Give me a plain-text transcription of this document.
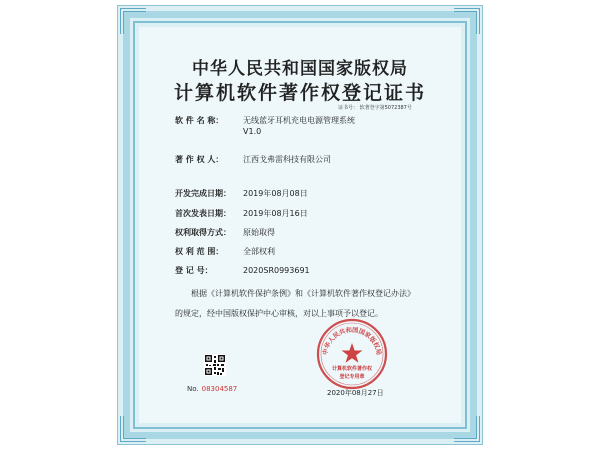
中华人民共和国国家版权局
计算机软件著作权登记证书
证书号： 软著登字第5072387号
软 件 名 称： 无线蓝牙耳机充电电源管理系统
V1.0
著 作 权 人： 江西戈弗雷科技有限公司
开发完成日期： 2019年08月08日
首次发表日期： 2019年08月16日
权利取得方式： 原始取得
权 利 范 围： 全部权利
登 记 号：	2020SR0993691
根据《计算机软件保护条例》和《计算机软件著作权登记办法》
的规定，经中国版权保护中心审核，对以上事项予以登记。
No. 08304587
中华人民共和国国家版权局
计算机软件著作权
登记专用章
2020年08月27日
